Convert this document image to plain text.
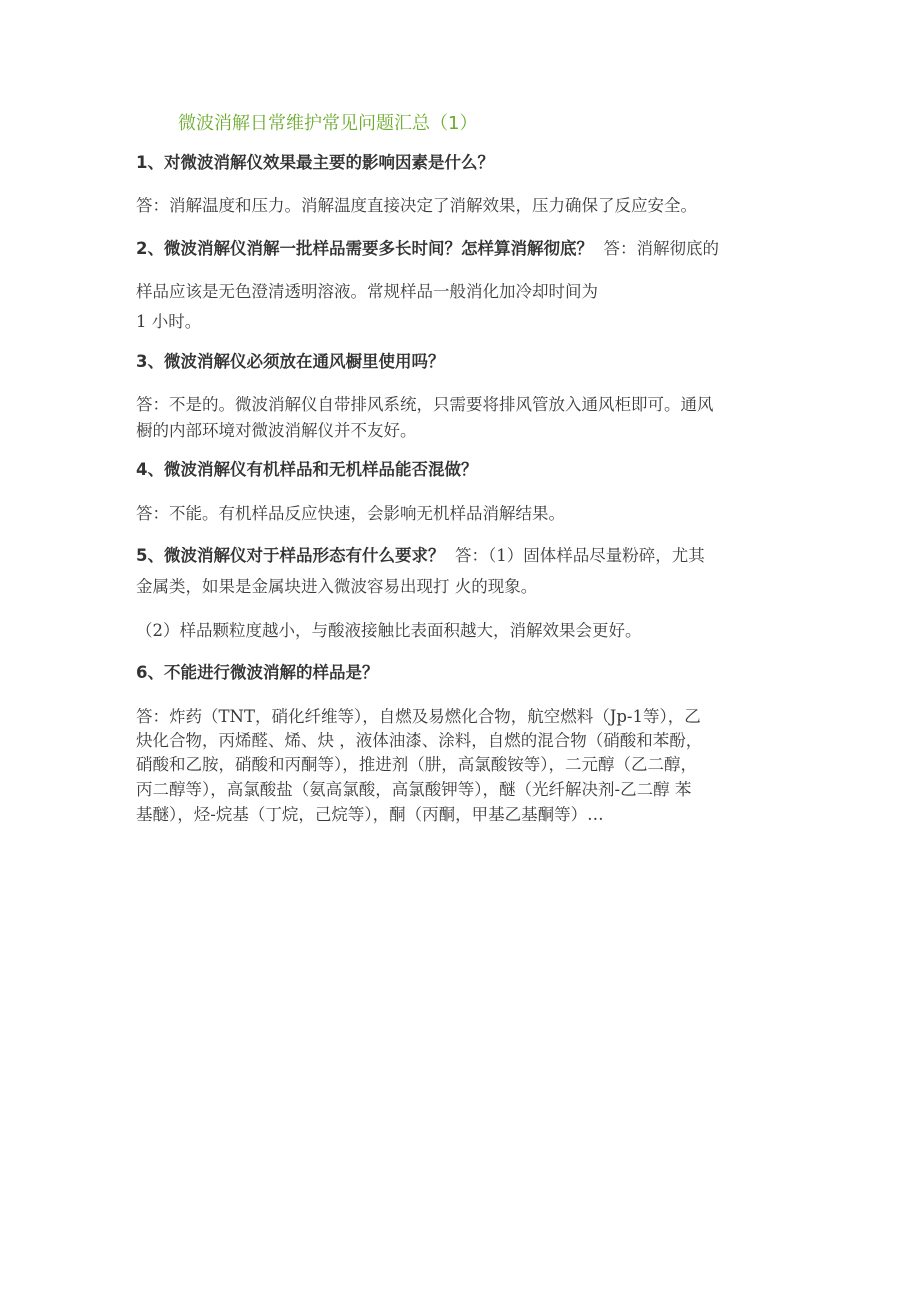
微波消解日常维护常见问题汇总（1）
1、对微波消解仪效果最主要的影响因素是什么？
答：消解温度和压力。消解温度直接决定了消解效果，压力确保了反应安全。
2、微波消解仪消解一批样品需要多长时间？怎样算消解彻底？ 答：消解彻底的
样品应该是无色澄清透明溶液。常规样品一般消化加冷却时间为
1 小时。
3、微波消解仪必须放在通风橱里使用吗？
答：不是的。微波消解仪自带排风系统，只需要将排风管放入通风柜即可。通风
橱的内部环境对微波消解仪并不友好。
4、微波消解仪有机样品和无机样品能否混做？
答：不能。有机样品反应快速，会影响无机样品消解结果。
5、微波消解仪对于样品形态有什么要求？ 答：（1）固体样品尽量粉碎，尤其
金属类，如果是金属块进入微波容易出现打 火的现象。
（2）样品颗粒度越小，与酸液接触比表面积越大，消解效果会更好。
6、不能进行微波消解的样品是？
答：炸药（TNT，硝化纤维等），自燃及易燃化合物，航空燃料（Jp-1等），乙
炔化合物，丙烯醛、烯、炔 ，液体油漆、涂料，自燃的混合物（硝酸和苯酚，
硝酸和乙胺，硝酸和丙酮等），推进剂（肼，高氯酸铵等），二元醇（乙二醇，
丙二醇等），高氯酸盐（氨高氯酸，高氯酸钾等），醚（光纤解决剂-乙二醇 苯
基醚），烃-烷基（丁烷，己烷等），酮（丙酮，甲基乙基酮等）…
